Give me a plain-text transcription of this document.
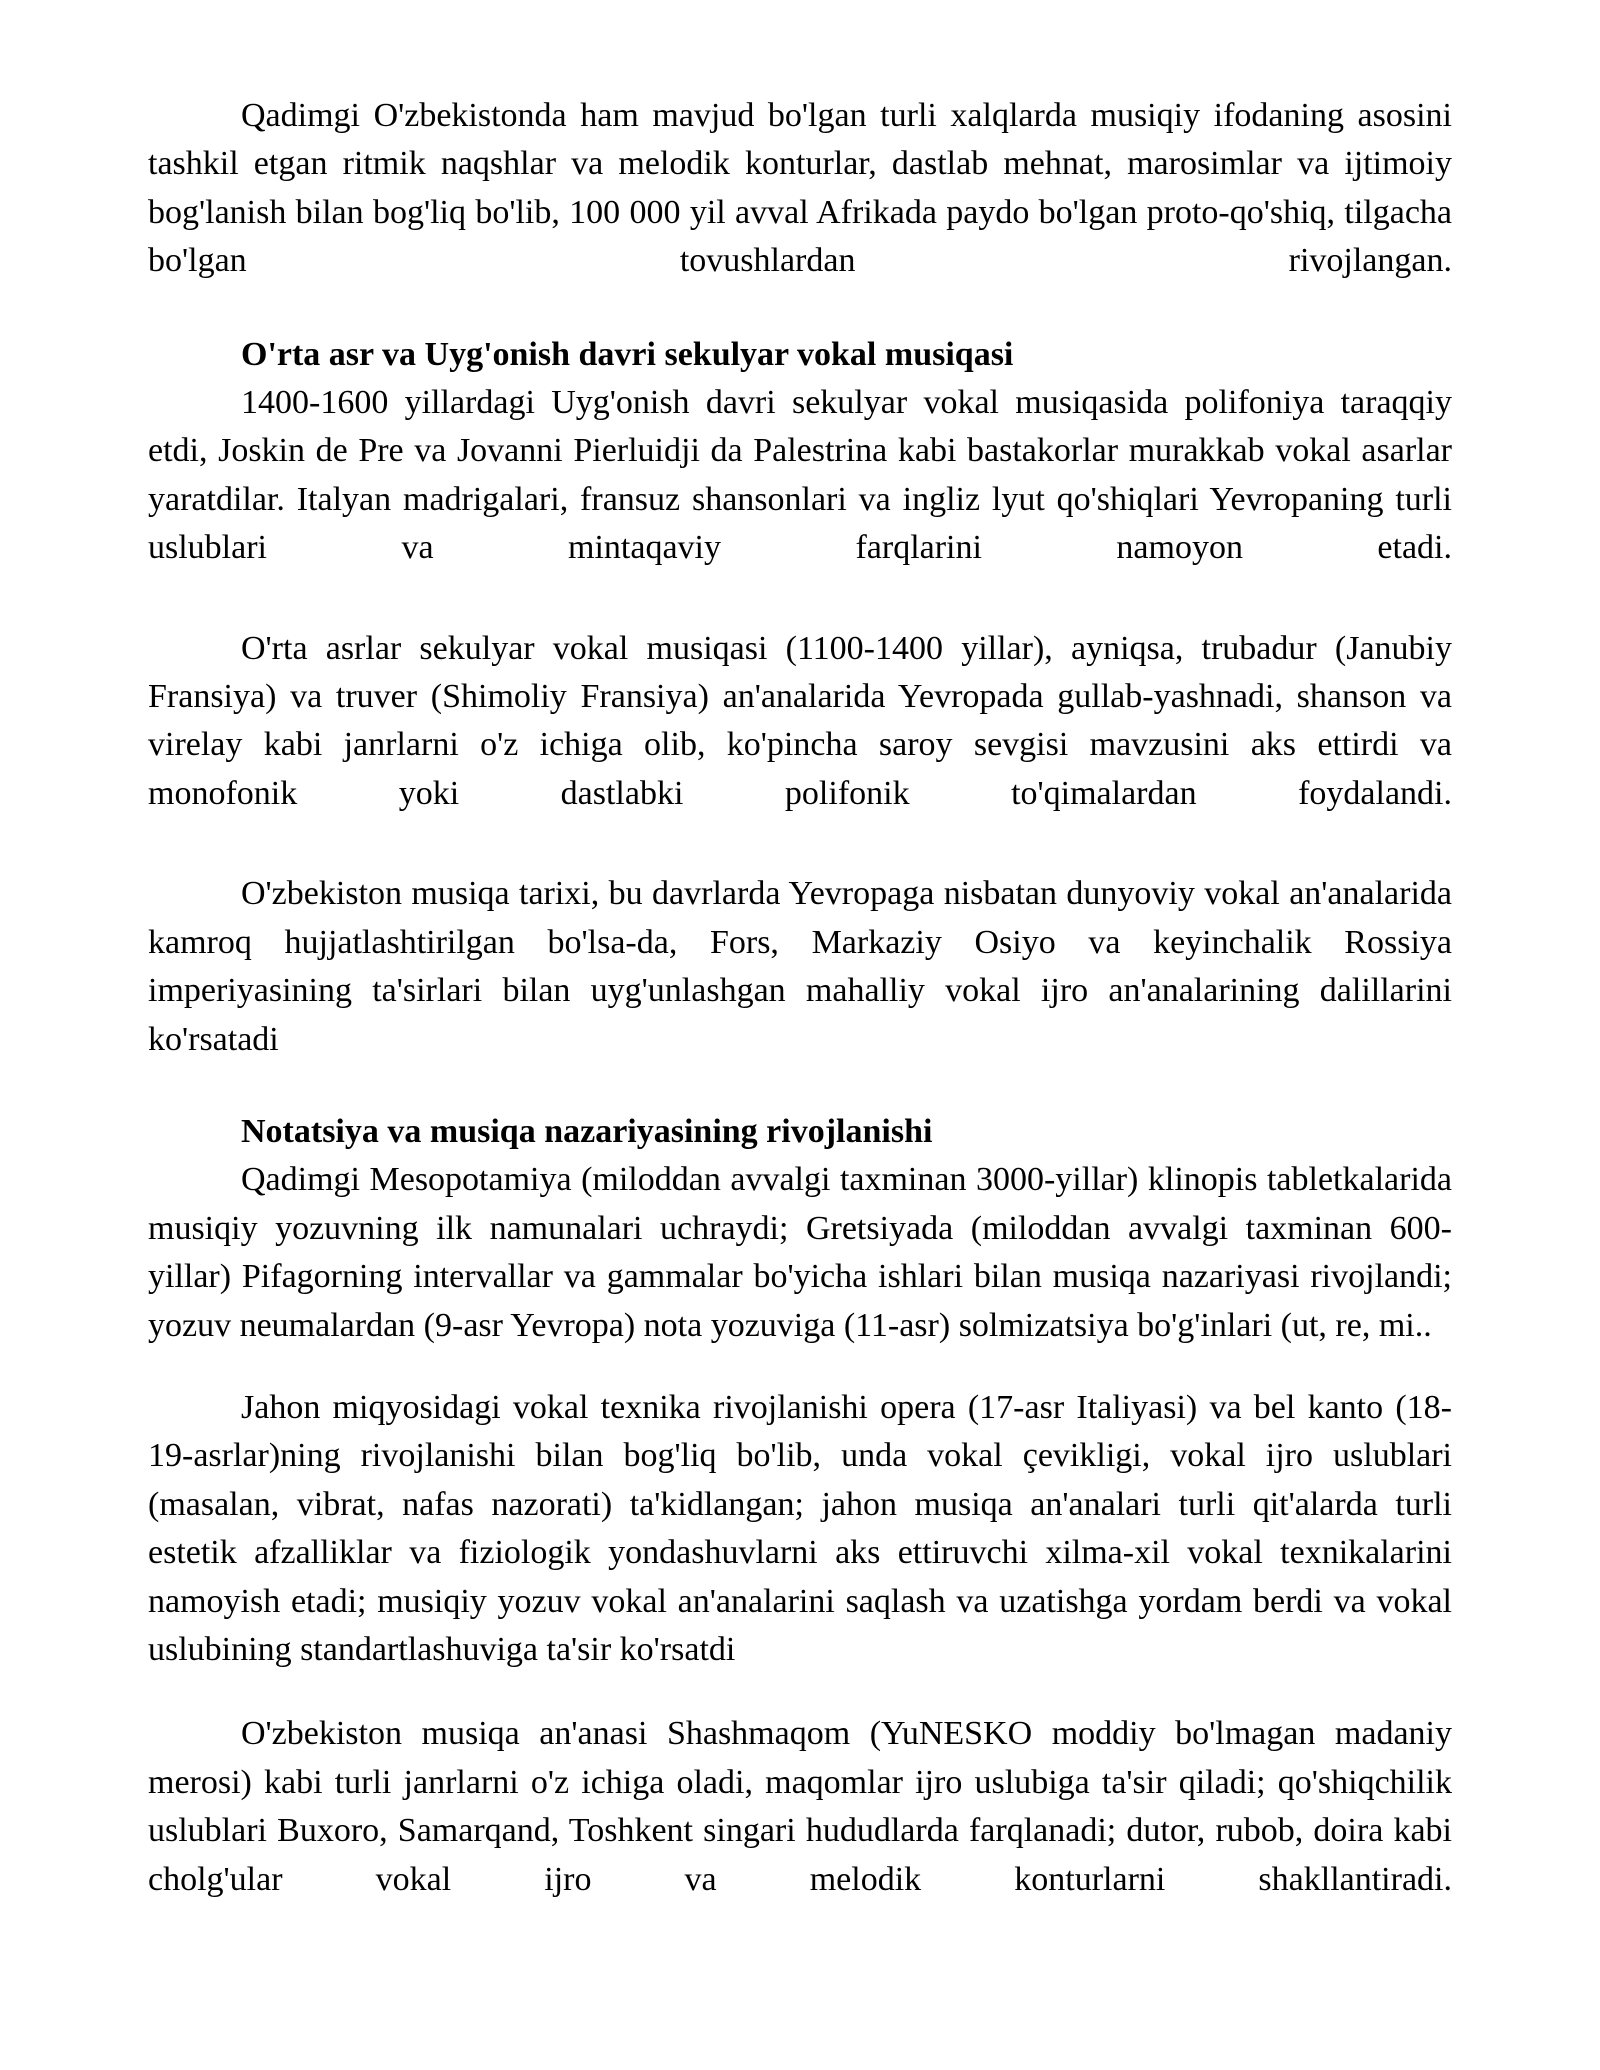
Qadimgi O'zbekistonda ham mavjud bo'lgan turli xalqlarda musiqiy ifodaning asosini tashkil etgan ritmik naqshlar va melodik konturlar, dastlab mehnat, marosimlar va ijtimoiy bog'lanish bilan bog'liq bo'lib, 100 000 yil avval Afrikada paydo bo'lgan proto-qo'shiq, tilgacha bo'lgan tovushlardan rivojlangan.

O'rta asr va Uyg'onish davri sekulyar vokal musiqasi

1400-1600 yillardagi Uyg'onish davri sekulyar vokal musiqasida polifoniya taraqqiy etdi, Joskin de Pre va Jovanni Pierluidji da Palestrina kabi bastakorlar murakkab vokal asarlar yaratdilar. Italyan madrigalari, fransuz shansonlari va ingliz lyut qo'shiqlari Yevropaning turli uslublari va mintaqaviy farqlarini namoyon etadi.

O'rta asrlar sekulyar vokal musiqasi (1100-1400 yillar), ayniqsa, trubadur (Janubiy Fransiya) va truver (Shimoliy Fransiya) an'analarida Yevropada gullab-yashnadi, shanson va virelay kabi janrlarni o'z ichiga olib, ko'pincha saroy sevgisi mavzusini aks ettirdi va monofonik yoki dastlabki polifonik to'qimalardan foydalandi.

O'zbekiston musiqa tarixi, bu davrlarda Yevropaga nisbatan dunyoviy vokal an'analarida kamroq hujjatlashtirilgan bo'lsa-da, Fors, Markaziy Osiyo va keyinchalik Rossiya imperiyasining ta'sirlari bilan uyg'unlashgan mahalliy vokal ijro an'analarining dalillarini ko'rsatadi

Notatsiya va musiqa nazariyasining rivojlanishi

Qadimgi Mesopotamiya (miloddan avvalgi taxminan 3000-yillar) klinopis tabletkalarida musiqiy yozuvning ilk namunalari uchraydi; Gretsiyada (miloddan avvalgi taxminan 600-yillar) Pifagorning intervallar va gammalar bo'yicha ishlari bilan musiqa nazariyasi rivojlandi; yozuv neumalardan (9-asr Yevropa) nota yozuviga (11-asr) solmizatsiya bo'g'inlari (ut, re, mi..

Jahon miqyosidagi vokal texnika rivojlanishi opera (17-asr Italiyasi) va bel kanto (18-19-asrlar)ning rivojlanishi bilan bog'liq bo'lib, unda vokal çevikligi, vokal ijro uslublari (masalan, vibrat, nafas nazorati) ta'kidlangan; jahon musiqa an'analari turli qit'alarda turli estetik afzalliklar va fiziologik yondashuvlarni aks ettiruvchi xilma-xil vokal texnikalarini namoyish etadi; musiqiy yozuv vokal an'analarini saqlash va uzatishga yordam berdi va vokal uslubining standartlashuviga ta'sir ko'rsatdi

O'zbekiston musiqa an'anasi Shashmaqom (YuNESKO moddiy bo'lmagan madaniy merosi) kabi turli janrlarni o'z ichiga oladi, maqomlar ijro uslubiga ta'sir qiladi; qo'shiqchilik uslublari Buxoro, Samarqand, Toshkent singari hududlarda farqlanadi; dutor, rubob, doira kabi cholg'ular vokal ijro va melodik konturlarni shakllantiradi.
